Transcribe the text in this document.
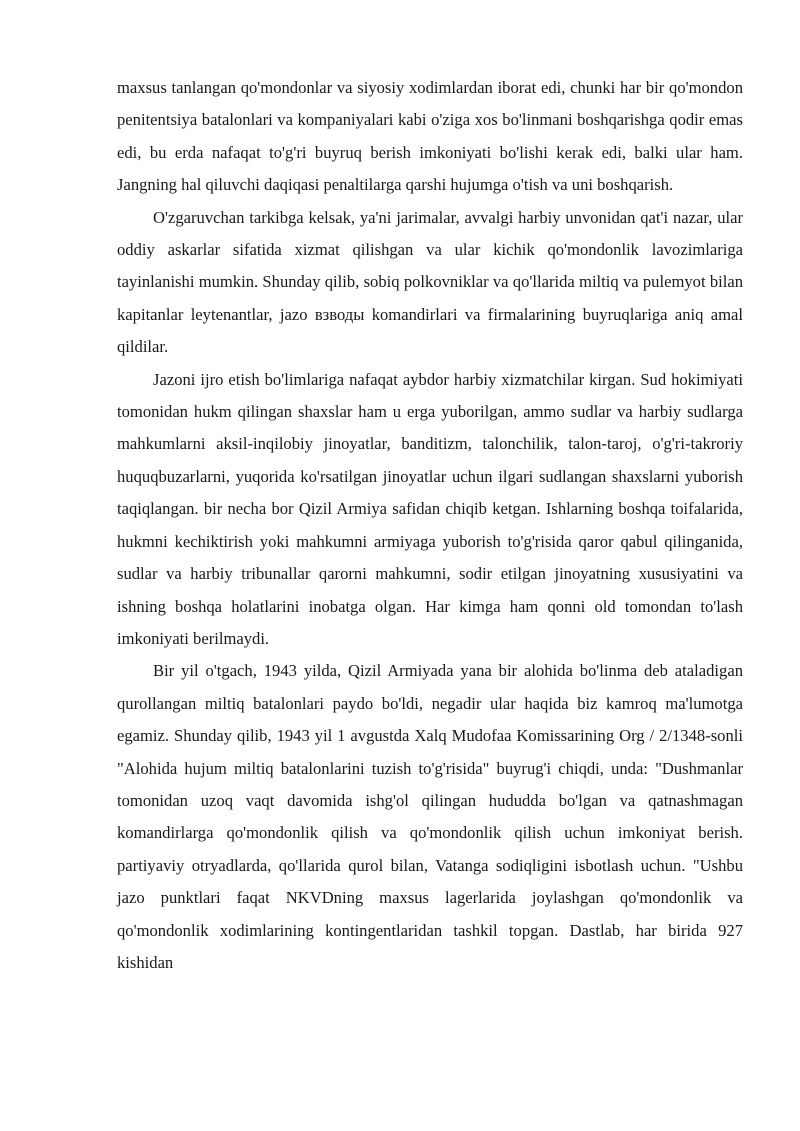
maxsus tanlangan qo'mondonlar va siyosiy xodimlardan iborat edi, chunki har bir qo'mondon penitentsiya batalonlari va kompaniyalari kabi o'ziga xos bo'linmani boshqarishga qodir emas edi, bu erda nafaqat to'g'ri buyruq berish imkoniyati bo'lishi kerak edi, balki ular ham. Jangning hal qiluvchi daqiqasi penaltilarga qarshi hujumga o'tish va uni boshqarish.

O'zgaruvchan tarkibga kelsak, ya'ni jarimalar, avvalgi harbiy unvonidan qat'i nazar, ular oddiy askarlar sifatida xizmat qilishgan va ular kichik qo'mondonlik lavozimlariga tayinlanishi mumkin. Shunday qilib, sobiq polkovniklar va qo'llarida miltiq va pulemyot bilan kapitanlar leytenantlar, jazo взводы komandirlari va firmalarining buyruqlariga aniq amal qildilar.

Jazoni ijro etish bo'limlariga nafaqat aybdor harbiy xizmatchilar kirgan. Sud hokimiyati tomonidan hukm qilingan shaxslar ham u erga yuborilgan, ammo sudlar va harbiy sudlarga mahkumlarni aksil-inqilobiy jinoyatlar, banditizm, talonchilik, talon-taroj, o'g'ri-takroriy huquqbuzarlarni, yuqorida ko'rsatilgan jinoyatlar uchun ilgari sudlangan shaxslarni yuborish taqiqlangan. bir necha bor Qizil Armiya safidan chiqib ketgan. Ishlarning boshqa toifalarida, hukmni kechiktirish yoki mahkumni armiyaga yuborish to'g'risida qaror qabul qilinganida, sudlar va harbiy tribunallar qarorni mahkumni, sodir etilgan jinoyatning xususiyatini va ishning boshqa holatlarini inobatga olgan. Har kimga ham qonni old tomondan to'lash imkoniyati berilmaydi.

Bir yil o'tgach, 1943 yilda, Qizil Armiyada yana bir alohida bo'linma deb ataladigan qurollangan miltiq batalonlari paydo bo'ldi, negadir ular haqida biz kamroq ma'lumotga egamiz. Shunday qilib, 1943 yil 1 avgustda Xalq Mudofaa Komissarining Org / 2/1348-sonli "Alohida hujum miltiq batalonlarini tuzish to'g'risida" buyrug'i chiqdi, unda: "Dushmanlar tomonidan uzoq vaqt davomida ishg'ol qilingan hududda bo'lgan va qatnashmagan komandirlarga qo'mondonlik qilish va qo'mondonlik qilish uchun imkoniyat berish. partiyaviy otryadlarda, qo'llarida qurol bilan, Vatanga sodiqligini isbotlash uchun. "Ushbu jazo punktlari faqat NKVDning maxsus lagerlarida joylashgan qo'mondonlik va qo'mondonlik xodimlarining kontingentlaridan tashkil topgan. Dastlab, har birida 927 kishidan
